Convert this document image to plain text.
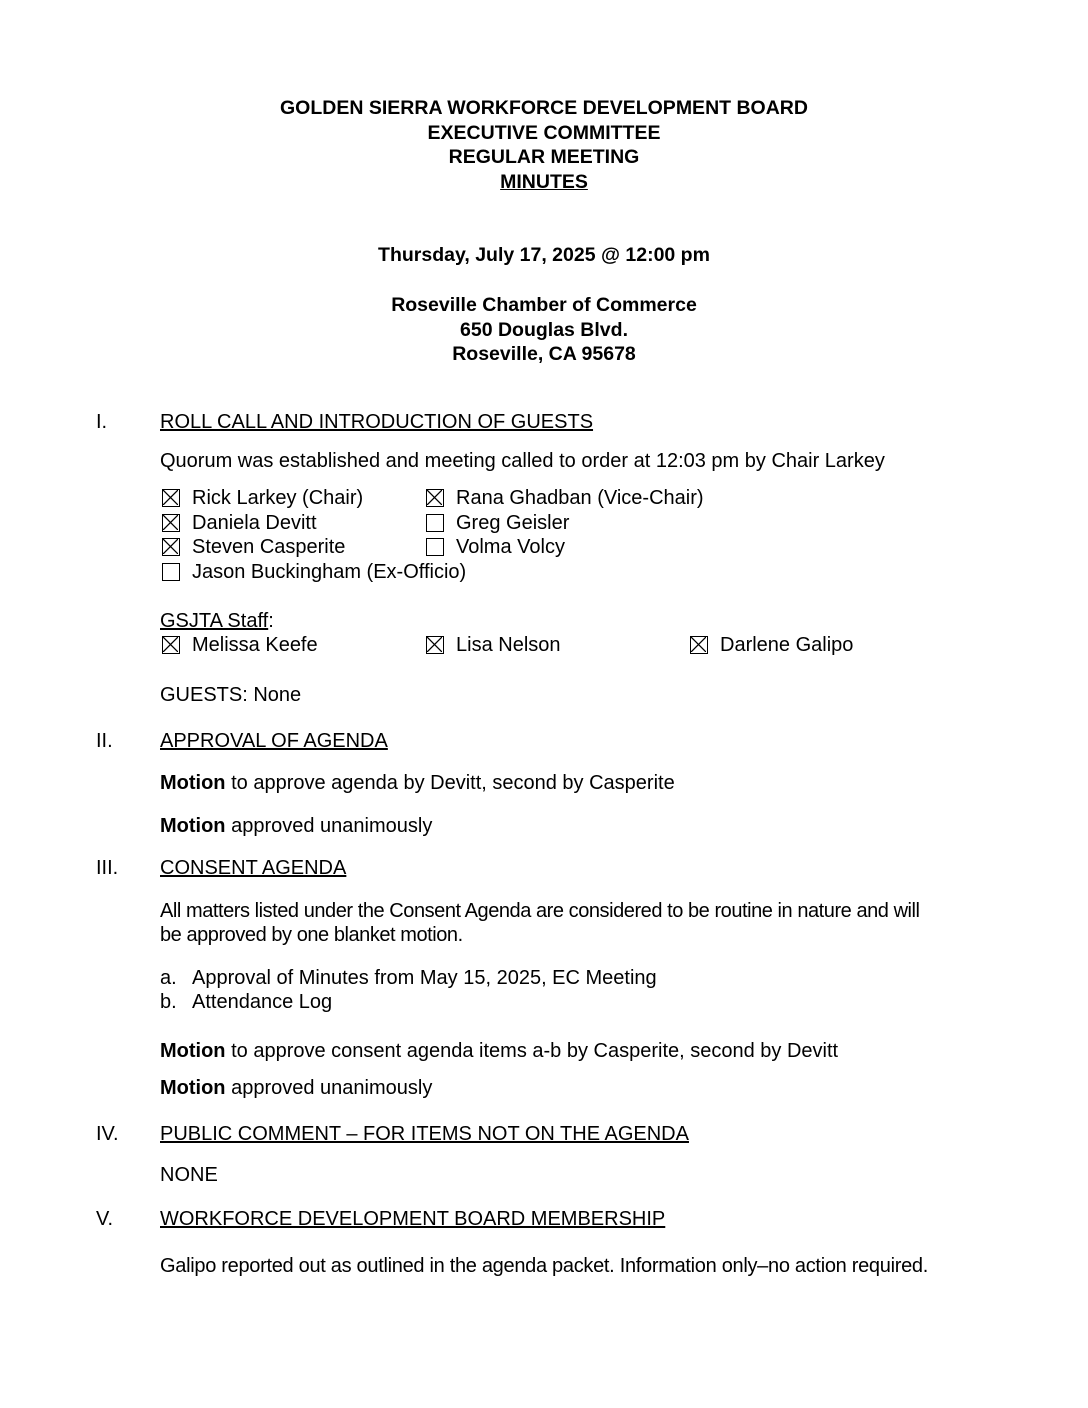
GOLDEN SIERRA WORKFORCE DEVELOPMENT BOARD
EXECUTIVE COMMITTEE
REGULAR MEETING
MINUTES
Thursday, July 17, 2025 @ 12:00 pm
Roseville Chamber of Commerce
650 Douglas Blvd.
Roseville, CA 95678
I.	ROLL CALL AND INTRODUCTION OF GUESTS
Quorum was established and meeting called to order at 12:03 pm by Chair Larkey
Rick Larkey (Chair)	Rana Ghadban (Vice-Chair)
Daniela Devitt	Greg Geisler
Steven Casperite	Volma Volcy
Jason Buckingham (Ex-Officio)
GSJTA Staff:
Melissa Keefe	Lisa Nelson	Darlene Galipo
GUESTS: None
II. APPROVAL OF AGENDA
Motion to approve agenda by Devitt, second by Casperite
Motion approved unanimously
III. CONSENT AGENDA
All matters listed under the Consent Agenda are considered to be routine in nature and will
be approved by one blanket motion.
a. Approval of Minutes from May 15, 2025, EC Meeting
b. Attendance Log
Motion to approve consent agenda items a-b by Casperite, second by Devitt
Motion approved unanimously
IV. PUBLIC COMMENT – FOR ITEMS NOT ON THE AGENDA
NONE
V. WORKFORCE DEVELOPMENT BOARD MEMBERSHIP
Galipo reported out as outlined in the agenda packet. Information only–no action required.
